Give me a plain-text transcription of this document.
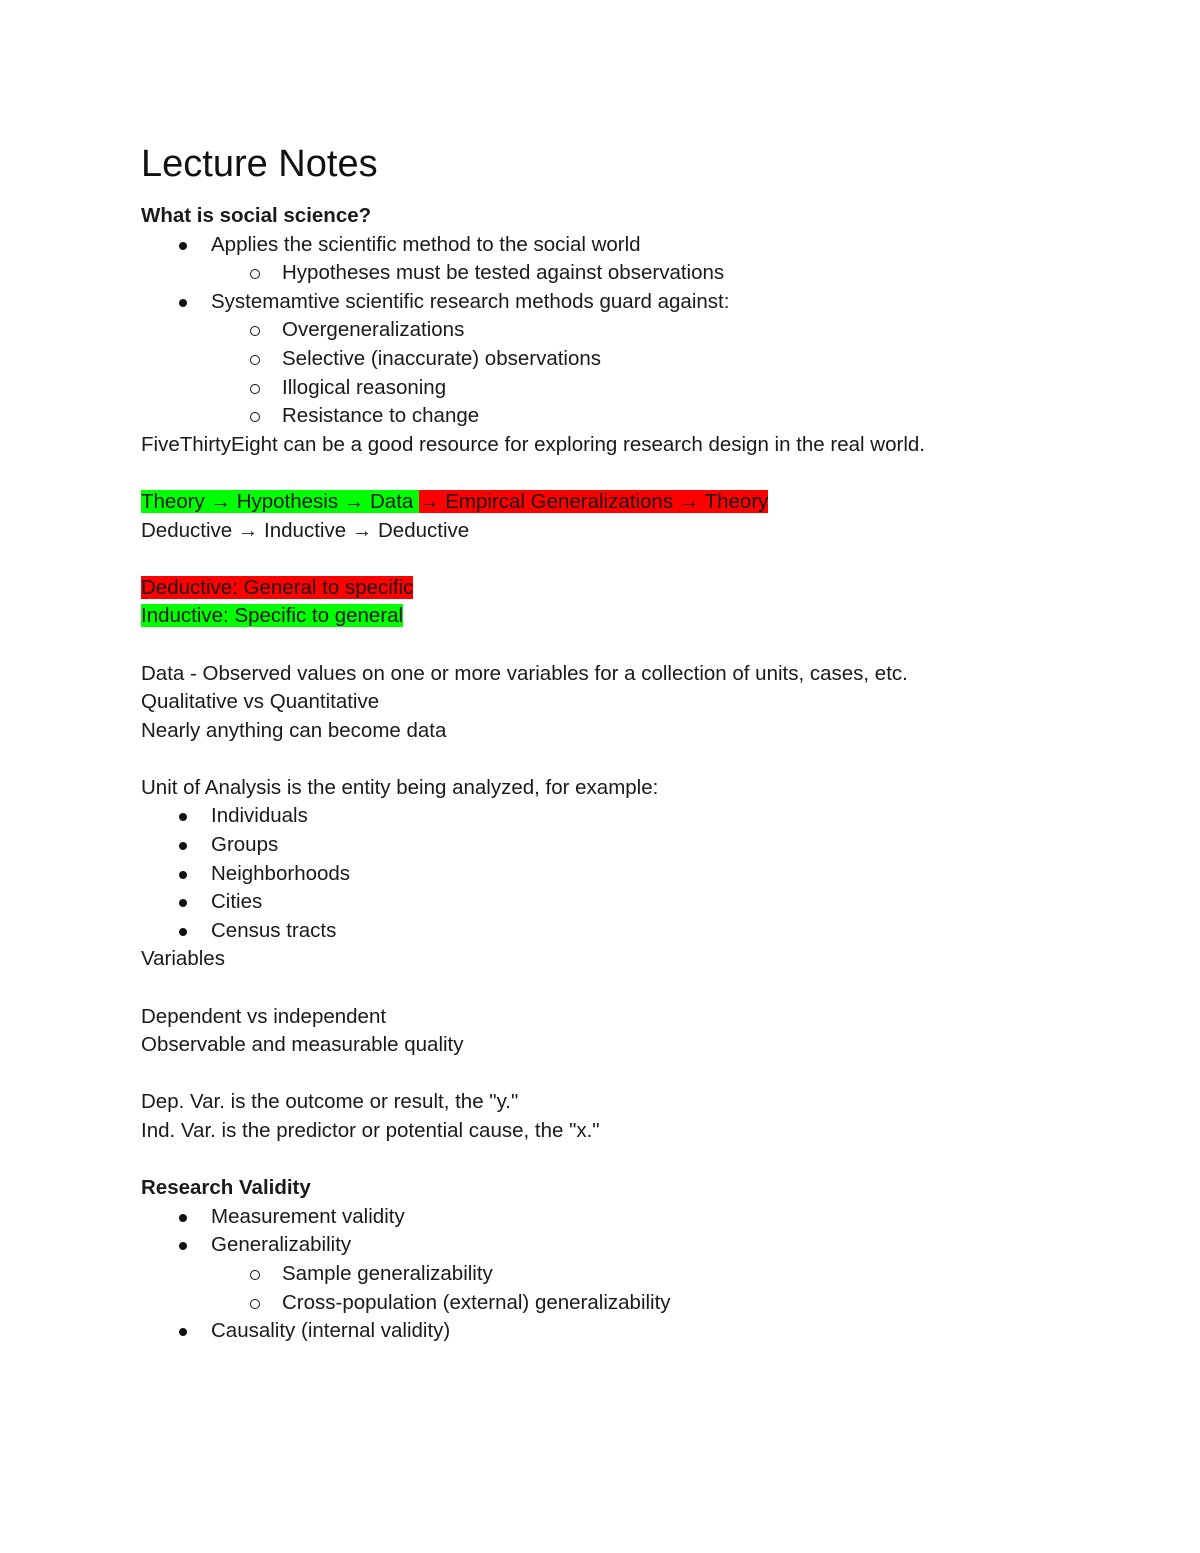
Lecture Notes
What is social science?
Applies the scientific method to the social world
Hypotheses must be tested against observations
Systemamtive scientific research methods guard against:
Overgeneralizations
Selective (inaccurate) observations
Illogical reasoning
Resistance to change
FiveThirtyEight can be a good resource for exploring research design in the real world.
Theory → Hypothesis → Data → Empircal Generalizations → Theory
Deductive → Inductive → Deductive
Deductive: General to specific
Inductive: Specific to general
Data - Observed values on one or more variables for a collection of units, cases, etc.
Qualitative vs Quantitative
Nearly anything can become data
Unit of Analysis is the entity being analyzed, for example:
Individuals
Groups
Neighborhoods
Cities
Census tracts
Variables
Dependent vs independent
Observable and measurable quality
Dep. Var. is the outcome or result, the "y."
Ind. Var. is the predictor or potential cause, the "x."
Research Validity
Measurement validity
Generalizability
Sample generalizability
Cross-population (external) generalizability
Causality (internal validity)
